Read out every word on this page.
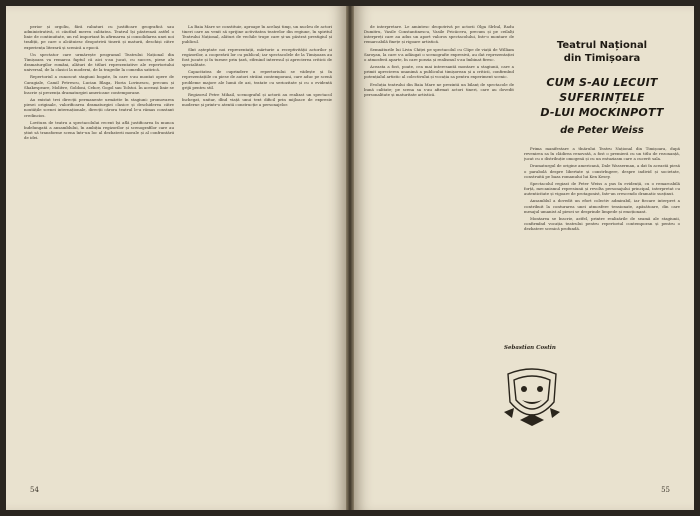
perior și orgoliu, fără rabaturi cu justificare geografică sau administrativă, ci căutînd mereu calitatea. Teatrul își păstrează astfel o linie de continuitate, un rol important în afirmarea și consolidarea unei noi tradiții, pe care o alcătuiesc deopotrivă tinerii și maturii, deschiși către experiența literară și scenică a epocii.

Un spectator care urmărește programul Teatrului Național din Timișoara va remarca faptul că aici s-au jucat, cu succes, piese ale dramaturgilor români, alături de titluri reprezentative ale repertoriului universal, de la clasici la moderni, de la tragedie la comedia satirică.

Repertoriul a cunoscut stagiuni bogate, în care s-au montat opere de Caragiale, Camil Petrescu, Lucian Blaga, Horia Lovinescu, precum și Shakespeare, Molière, Goldoni, Cehov, Gogol sau Tolstoi. În aceeași linie se înscrie și prezența dramaturgiei americane contemporane.

Au existat trei direcții permanente urmărite în stagiuni: promovarea piesei originale, valorificarea dramaturgiei clasice și deschiderea către noutățile scenei internaționale, direcții cărora teatrul le-a rămas constant credincios.

Lovitura de teatru a spectacolului recent își află justificarea în munca îndelungată a ansamblului, în ambiția regizorilor și scenografilor care au știut să transforme scena într-un loc al dezbaterii morale și al confruntării de idei.

La Baia Mare se constituie, aproape în același timp, un nucleu de actori tineri care au venit să sprijine activitatea teatrelor din regiune, în spiritul Teatrului Național, alături de vechile trupe care și-au păstrat prestigiul și publicul.

Sînt așteptate noi reprezentații, mărturie a receptivității actorilor și regizorilor, a cooperării lor cu publicul; iar spectacolele de la Timișoara au fost jucate și în turnee prin țară, stîrnind interesul și aprecierea criticii de specialitate.

Capacitatea de cuprindere a repertoriului se vădește și în reprezentațiile cu piese de autori străini contemporani, care aduc pe scenă probleme majore ale lumii de azi, tratate cu seriozitate și cu o evidentă grijă pentru stil.

Regizorul Petre Mihail, scenograful și actorii au realizat un spectacol închegat, unitar, dînd viață unui text dificil prin mijloace de expresie moderne și printr-o atentă construcție a personajelor.

54

de interpretare. Le amintesc deopotrivă pe actorii Olga Sîrbul, Radu Dumitru, Vasile Constantinescu, Vasile Pricăceru, precum și pe ceilalți interpreți care au adus un aport valoros spectacolului, într-o montare de remarcabilă finețe și rigoare artistică.

Semnăturile lui Livin Chiței pe spectacolul cu Clipe de viață de William Saroyan, la care s-a adăugat o scenografie expresivă, au dat reprezentației o atmosferă aparte, în care poezia și realismul s-au îmbinat firesc.

Aceasta a fost, poate, cea mai interesantă montare a stagiunii, care a primit aprecierea unanimă a publicului timișorean și a criticii, confirmînd potențialul artistic al colectivului și vocația sa pentru experiment scenic.

Evoluția teatrului din Baia Mare ne prezintă un bilanț de spectacole de bună calitate; pe scena sa s-au afirmat actori tineri, care au dovedit personalitate și maturitate artistică.

Prima manifestare a tînărului Teatru Național din Timișoara, după revenirea sa în clădirea renovată, a fost o premieră cu un titlu de rezonanță, jucat cu o distribuție omogenă și cu un entuziasm care a cucerit sala.

Dramaturgul de origine americană, Dale Wasserman, a dat în această piesă o parabolă despre libertate și constrîngere, despre individ și societate, construită pe baza romanului lui Ken Kesey.

Spectacolul regizat de Peter Weiss a pus în evidență, cu o remarcabilă forță, mecanismul represiunii și revolta personajului principal, interpretat cu autenticitate și vigoare de protagonist, într-un crescendo dramatic susținut.

Ansamblul a dovedit un efort colectiv admirabil, iar fiecare interpret a contribuit la conturarea unei atmosfere tensionate, apăsătoare, din care mesajul umanist al piesei se desprinde limpede și emoționant.

Montarea se înscrie, astfel, printre realizările de seamă ale stagiunii, confirmînd vocația teatrului pentru repertoriul contemporan și pentru o dezbatere scenică profundă.

Teatrul Național
din Timișoara
CUM S-AU LECUIT
SUFERINȚELE
D-LUI MOCKINPOTT
de Peter Weiss
Sebastian Costin
55
